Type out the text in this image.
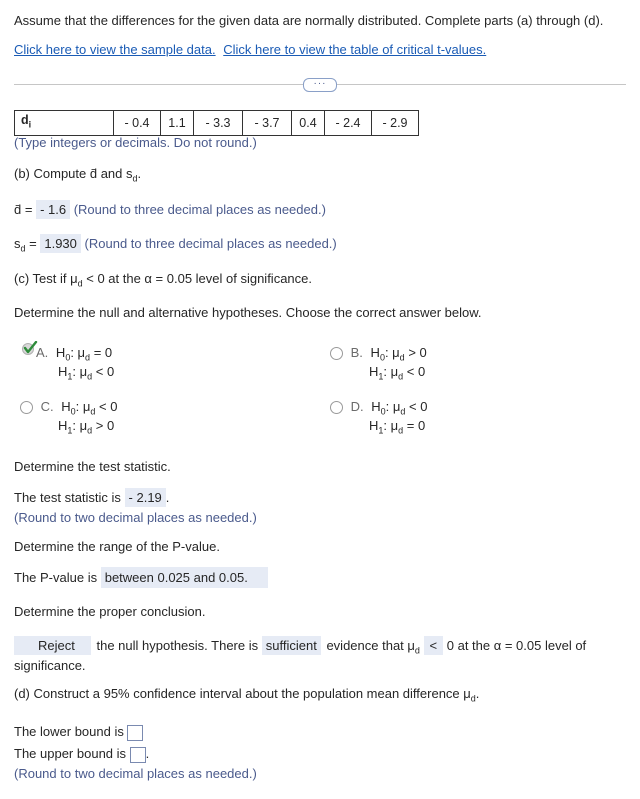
Assume that the differences for the given data are normally distributed. Complete parts (a) through (d).
Click here to view the sample data. Click here to view the table of critical t-values.
···
$d_i$	- 0.4	1.1	- 3.3	- 3.7	0.4	- 2.4	- 2.9
(Type integers or decimals. Do not round.)
(b) Compute d̄ and $s_d$.
d̄ = - 1.6 (Round to three decimal places as needed.)
$s_d = 1.930$ (Round to three decimal places as needed.)
(c) Test if $\mu_d < 0$ at the α = 0.05 level of significance.
Determine the null and alternative hypotheses. Choose the correct answer below.
A. $H_0$: $\mu_d = 0$
$H_1$: $\mu_d < 0$
B. $H_0$: $\mu_d > 0$
$H_1$: $\mu_d < 0$
C. $H_0$: $\mu_d < 0$
$H_1$: $\mu_d > 0$
D. $H_0$: $\mu_d < 0$
$H_1$: $\mu_d = 0$
Determine the test statistic.
The test statistic is - 2.19 .
(Round to two decimal places as needed.)
Determine the range of the P-value.
The P-value is between 0.025 and 0.05.
Determine the proper conclusion.
Reject the null hypothesis. There is sufficient evidence that $\mu_d < 0$ at the α = 0.05 level of
significance.
(d) Construct a 95% confidence interval about the population mean difference $\mu_d$.
The lower bound is
The upper bound is .
(Round to two decimal places as needed.)
